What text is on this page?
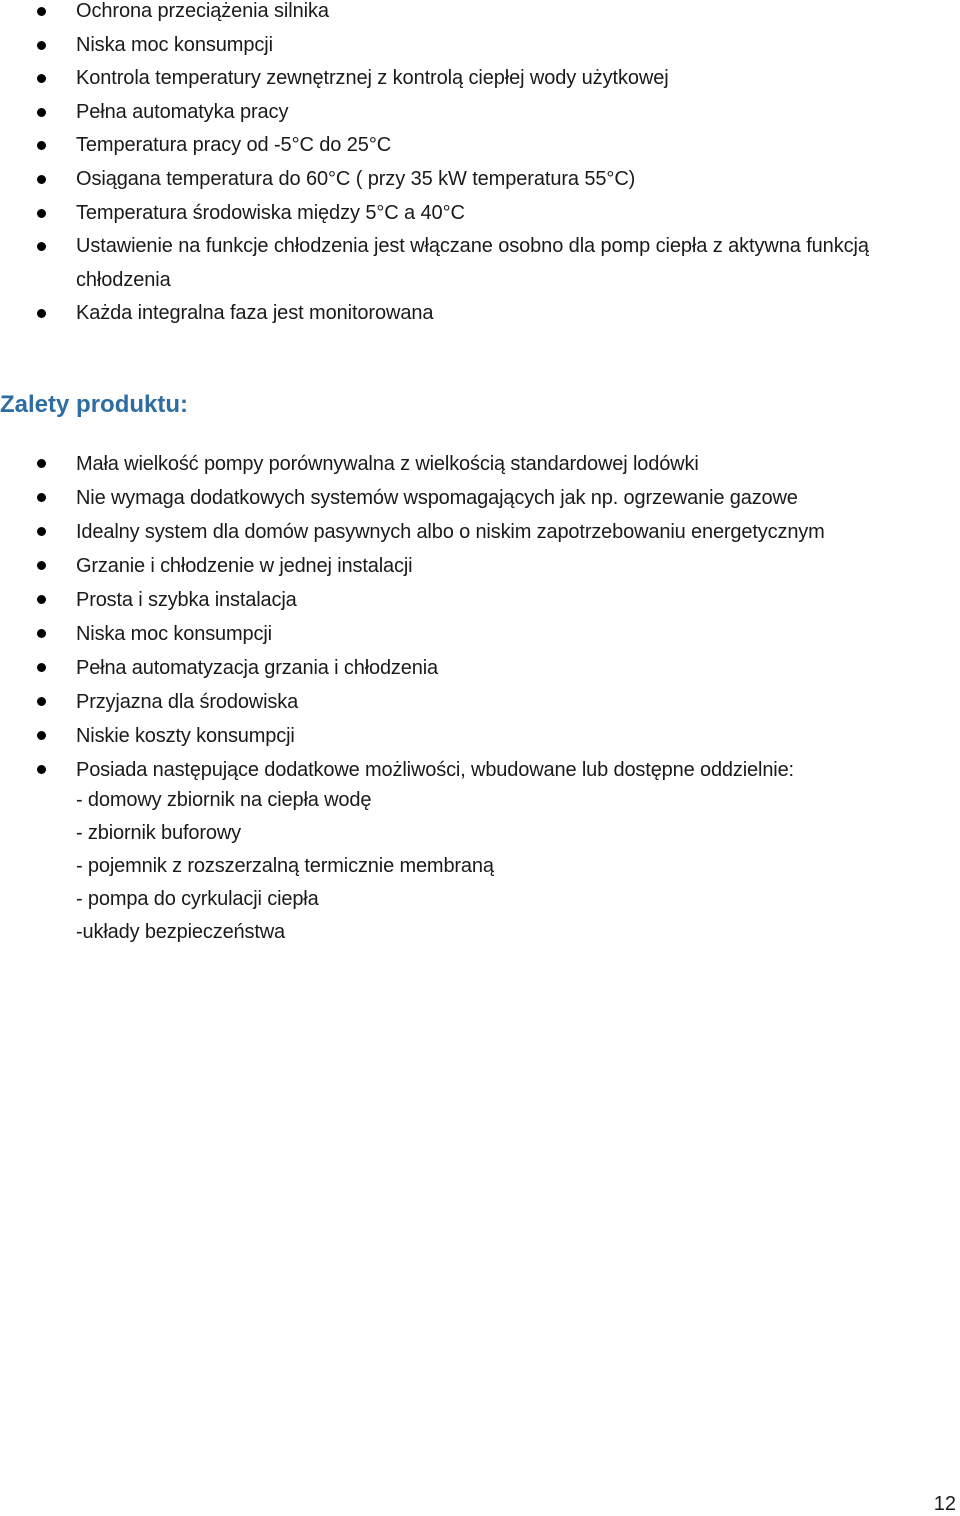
Ochrona przeciążenia silnika
Niska moc konsumpcji
Kontrola temperatury zewnętrznej z kontrolą ciepłej wody użytkowej
Pełna automatyka pracy
Temperatura pracy od -5°C do 25°C
Osiągana temperatura do 60°C ( przy 35 kW temperatura 55°C)
Temperatura środowiska między 5°C a 40°C
Ustawienie na funkcje chłodzenia jest włączane osobno dla pomp ciepła z aktywna funkcją chłodzenia
Każda integralna faza jest monitorowana
Zalety produktu:
Mała wielkość pompy porównywalna z wielkością standardowej lodówki
Nie wymaga dodatkowych systemów wspomagających jak np. ogrzewanie gazowe
Idealny system dla domów pasywnych albo o niskim zapotrzebowaniu energetycznym
Grzanie i chłodzenie w jednej instalacji
Prosta i szybka instalacja
Niska moc konsumpcji
Pełna automatyzacja grzania i chłodzenia
Przyjazna dla środowiska
Niskie koszty konsumpcji
Posiada następujące dodatkowe możliwości, wbudowane lub dostępne oddzielnie:
- domowy zbiornik na ciepła wodę
- zbiornik buforowy
- pojemnik z rozszerzalną termicznie membraną
- pompa do cyrkulacji ciepła
-układy bezpieczeństwa
12
